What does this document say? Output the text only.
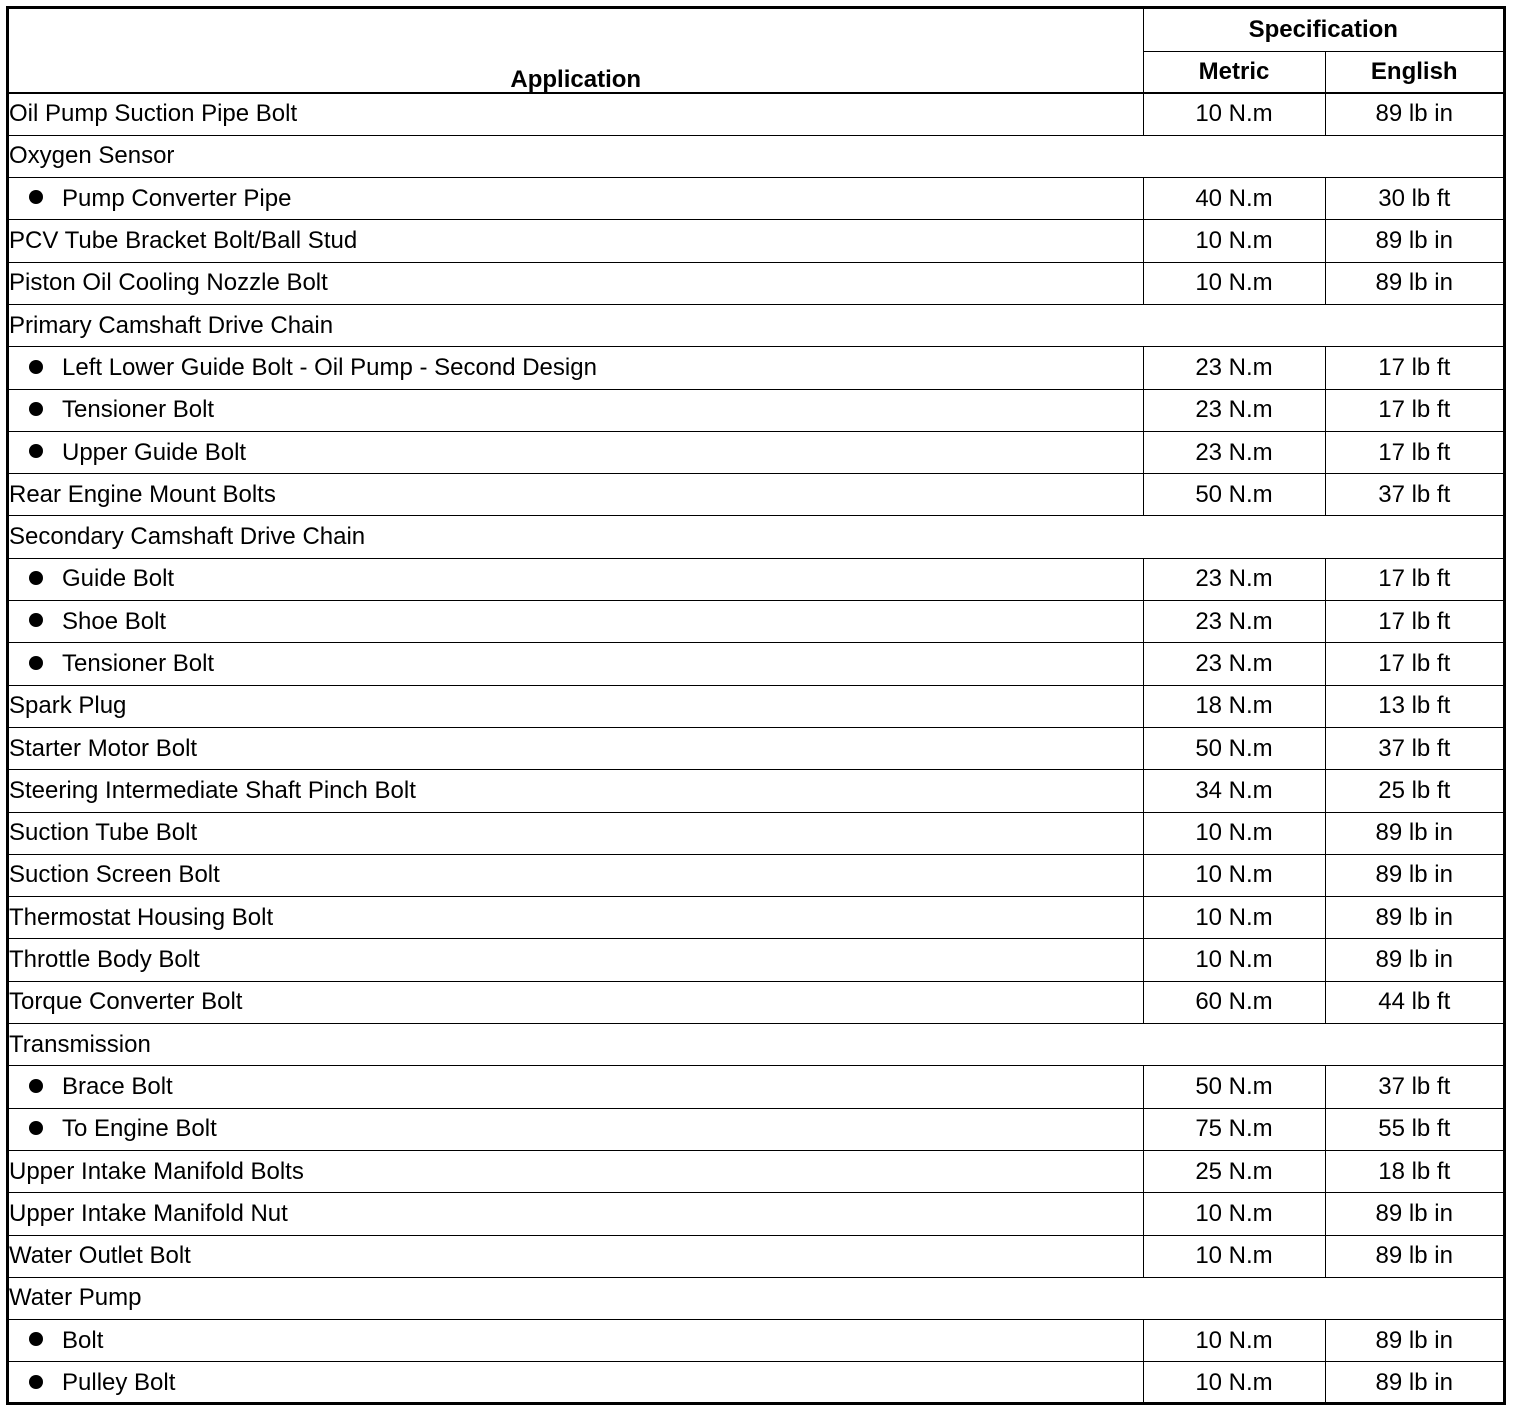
Application	Specification	
	Metric	English
Oil Pump Suction Pipe Bolt	10 N.m	89 lb in
Oxygen Sensor		
Pump Converter Pipe	40 N.m	30 lb ft
PCV Tube Bracket Bolt/Ball Stud	10 N.m	89 lb in
Piston Oil Cooling Nozzle Bolt	10 N.m	89 lb in
Primary Camshaft Drive Chain		
Left Lower Guide Bolt - Oil Pump - Second Design	23 N.m	17 lb ft
Tensioner Bolt	23 N.m	17 lb ft
Upper Guide Bolt	23 N.m	17 lb ft
Rear Engine Mount Bolts	50 N.m	37 lb ft
Secondary Camshaft Drive Chain		
Guide Bolt	23 N.m	17 lb ft
Shoe Bolt	23 N.m	17 lb ft
Tensioner Bolt	23 N.m	17 lb ft
Spark Plug	18 N.m	13 lb ft
Starter Motor Bolt	50 N.m	37 lb ft
Steering Intermediate Shaft Pinch Bolt	34 N.m	25 lb ft
Suction Tube Bolt	10 N.m	89 lb in
Suction Screen Bolt	10 N.m	89 lb in
Thermostat Housing Bolt	10 N.m	89 lb in
Throttle Body Bolt	10 N.m	89 lb in
Torque Converter Bolt	60 N.m	44 lb ft
Transmission		
Brace Bolt	50 N.m	37 lb ft
To Engine Bolt	75 N.m	55 lb ft
Upper Intake Manifold Bolts	25 N.m	18 lb ft
Upper Intake Manifold Nut	10 N.m	89 lb in
Water Outlet Bolt	10 N.m	89 lb in
Water Pump		
Bolt	10 N.m	89 lb in
Pulley Bolt	10 N.m	89 lb in
